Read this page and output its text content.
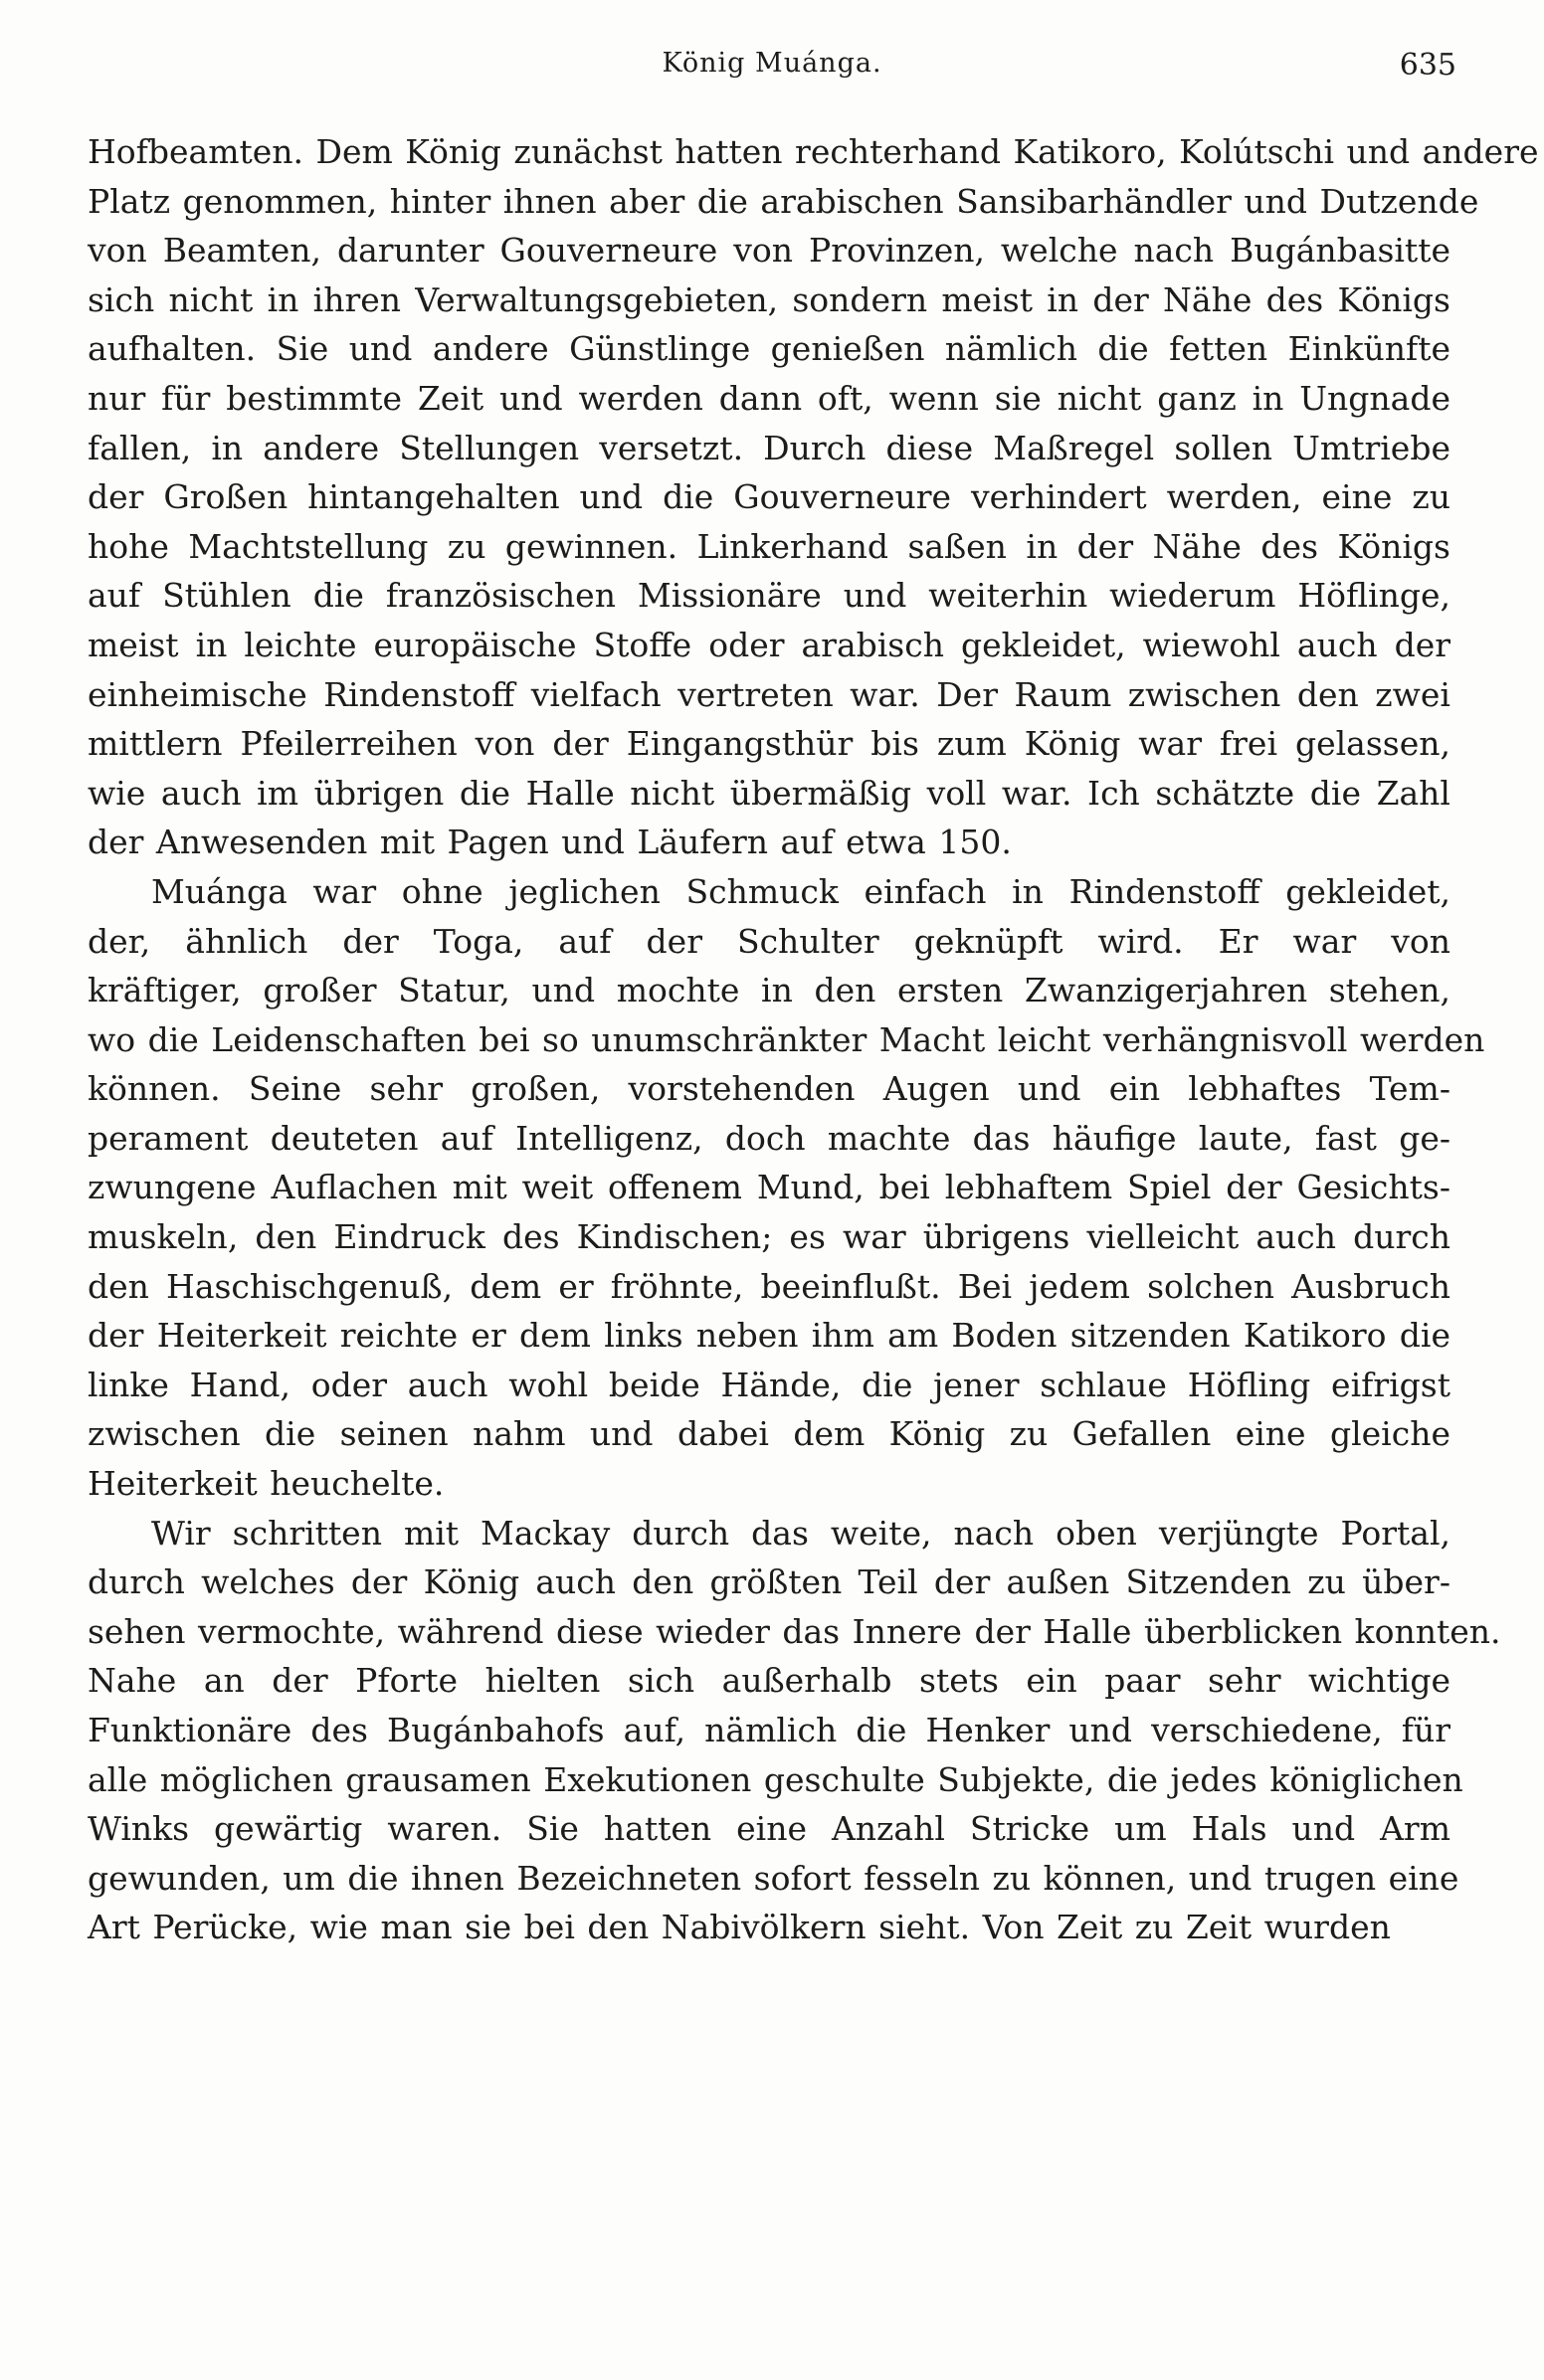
König Muánga.	635
Hofbeamten. Dem König zunächst hatten rechterhand Katikoro, Kolútschi und andere
Platz genommen, hinter ihnen aber die arabischen Sansibarhändler und Dutzende
von Beamten, darunter Gouverneure von Provinzen, welche nach Bugánbasitte
sich nicht in ihren Verwaltungsgebieten, sondern meist in der Nähe des Königs
aufhalten. Sie und andere Günstlinge genießen nämlich die fetten Einkünfte
nur für bestimmte Zeit und werden dann oft, wenn sie nicht ganz in Ungnade
fallen, in andere Stellungen versetzt. Durch diese Maßregel sollen Umtriebe
der Großen hintangehalten und die Gouverneure verhindert werden, eine zu
hohe Machtstellung zu gewinnen. Linkerhand saßen in der Nähe des Königs
auf Stühlen die französischen Missionäre und weiterhin wiederum Höflinge,
meist in leichte europäische Stoffe oder arabisch gekleidet, wiewohl auch der
einheimische Rindenstoff vielfach vertreten war. Der Raum zwischen den zwei
mittlern Pfeilerreihen von der Eingangsthür bis zum König war frei gelassen,
wie auch im übrigen die Halle nicht übermäßig voll war. Ich schätzte die Zahl
der Anwesenden mit Pagen und Läufern auf etwa 150.
Muánga war ohne jeglichen Schmuck einfach in Rindenstoff gekleidet,
der, ähnlich der Toga, auf der Schulter geknüpft wird. Er war von
kräftiger, großer Statur, und mochte in den ersten Zwanzigerjahren stehen,
wo die Leidenschaften bei so unumschränkter Macht leicht verhängnisvoll werden
können. Seine sehr großen, vorstehenden Augen und ein lebhaftes Tem-
perament deuteten auf Intelligenz, doch machte das häufige laute, fast ge-
zwungene Auflachen mit weit offenem Mund, bei lebhaftem Spiel der Gesichts-
muskeln, den Eindruck des Kindischen; es war übrigens vielleicht auch durch
den Haschischgenuß, dem er fröhnte, beeinflußt. Bei jedem solchen Ausbruch
der Heiterkeit reichte er dem links neben ihm am Boden sitzenden Katikoro die
linke Hand, oder auch wohl beide Hände, die jener schlaue Höfling eifrigst
zwischen die seinen nahm und dabei dem König zu Gefallen eine gleiche
Heiterkeit heuchelte.
Wir schritten mit Mackay durch das weite, nach oben verjüngte Portal,
durch welches der König auch den größten Teil der außen Sitzenden zu über-
sehen vermochte, während diese wieder das Innere der Halle überblicken konnten.
Nahe an der Pforte hielten sich außerhalb stets ein paar sehr wichtige
Funktionäre des Bugánbahofs auf, nämlich die Henker und verschiedene, für
alle möglichen grausamen Exekutionen geschulte Subjekte, die jedes königlichen
Winks gewärtig waren. Sie hatten eine Anzahl Stricke um Hals und Arm
gewunden, um die ihnen Bezeichneten sofort fesseln zu können, und trugen eine
Art Perücke, wie man sie bei den Nabivölkern sieht. Von Zeit zu Zeit wurden
